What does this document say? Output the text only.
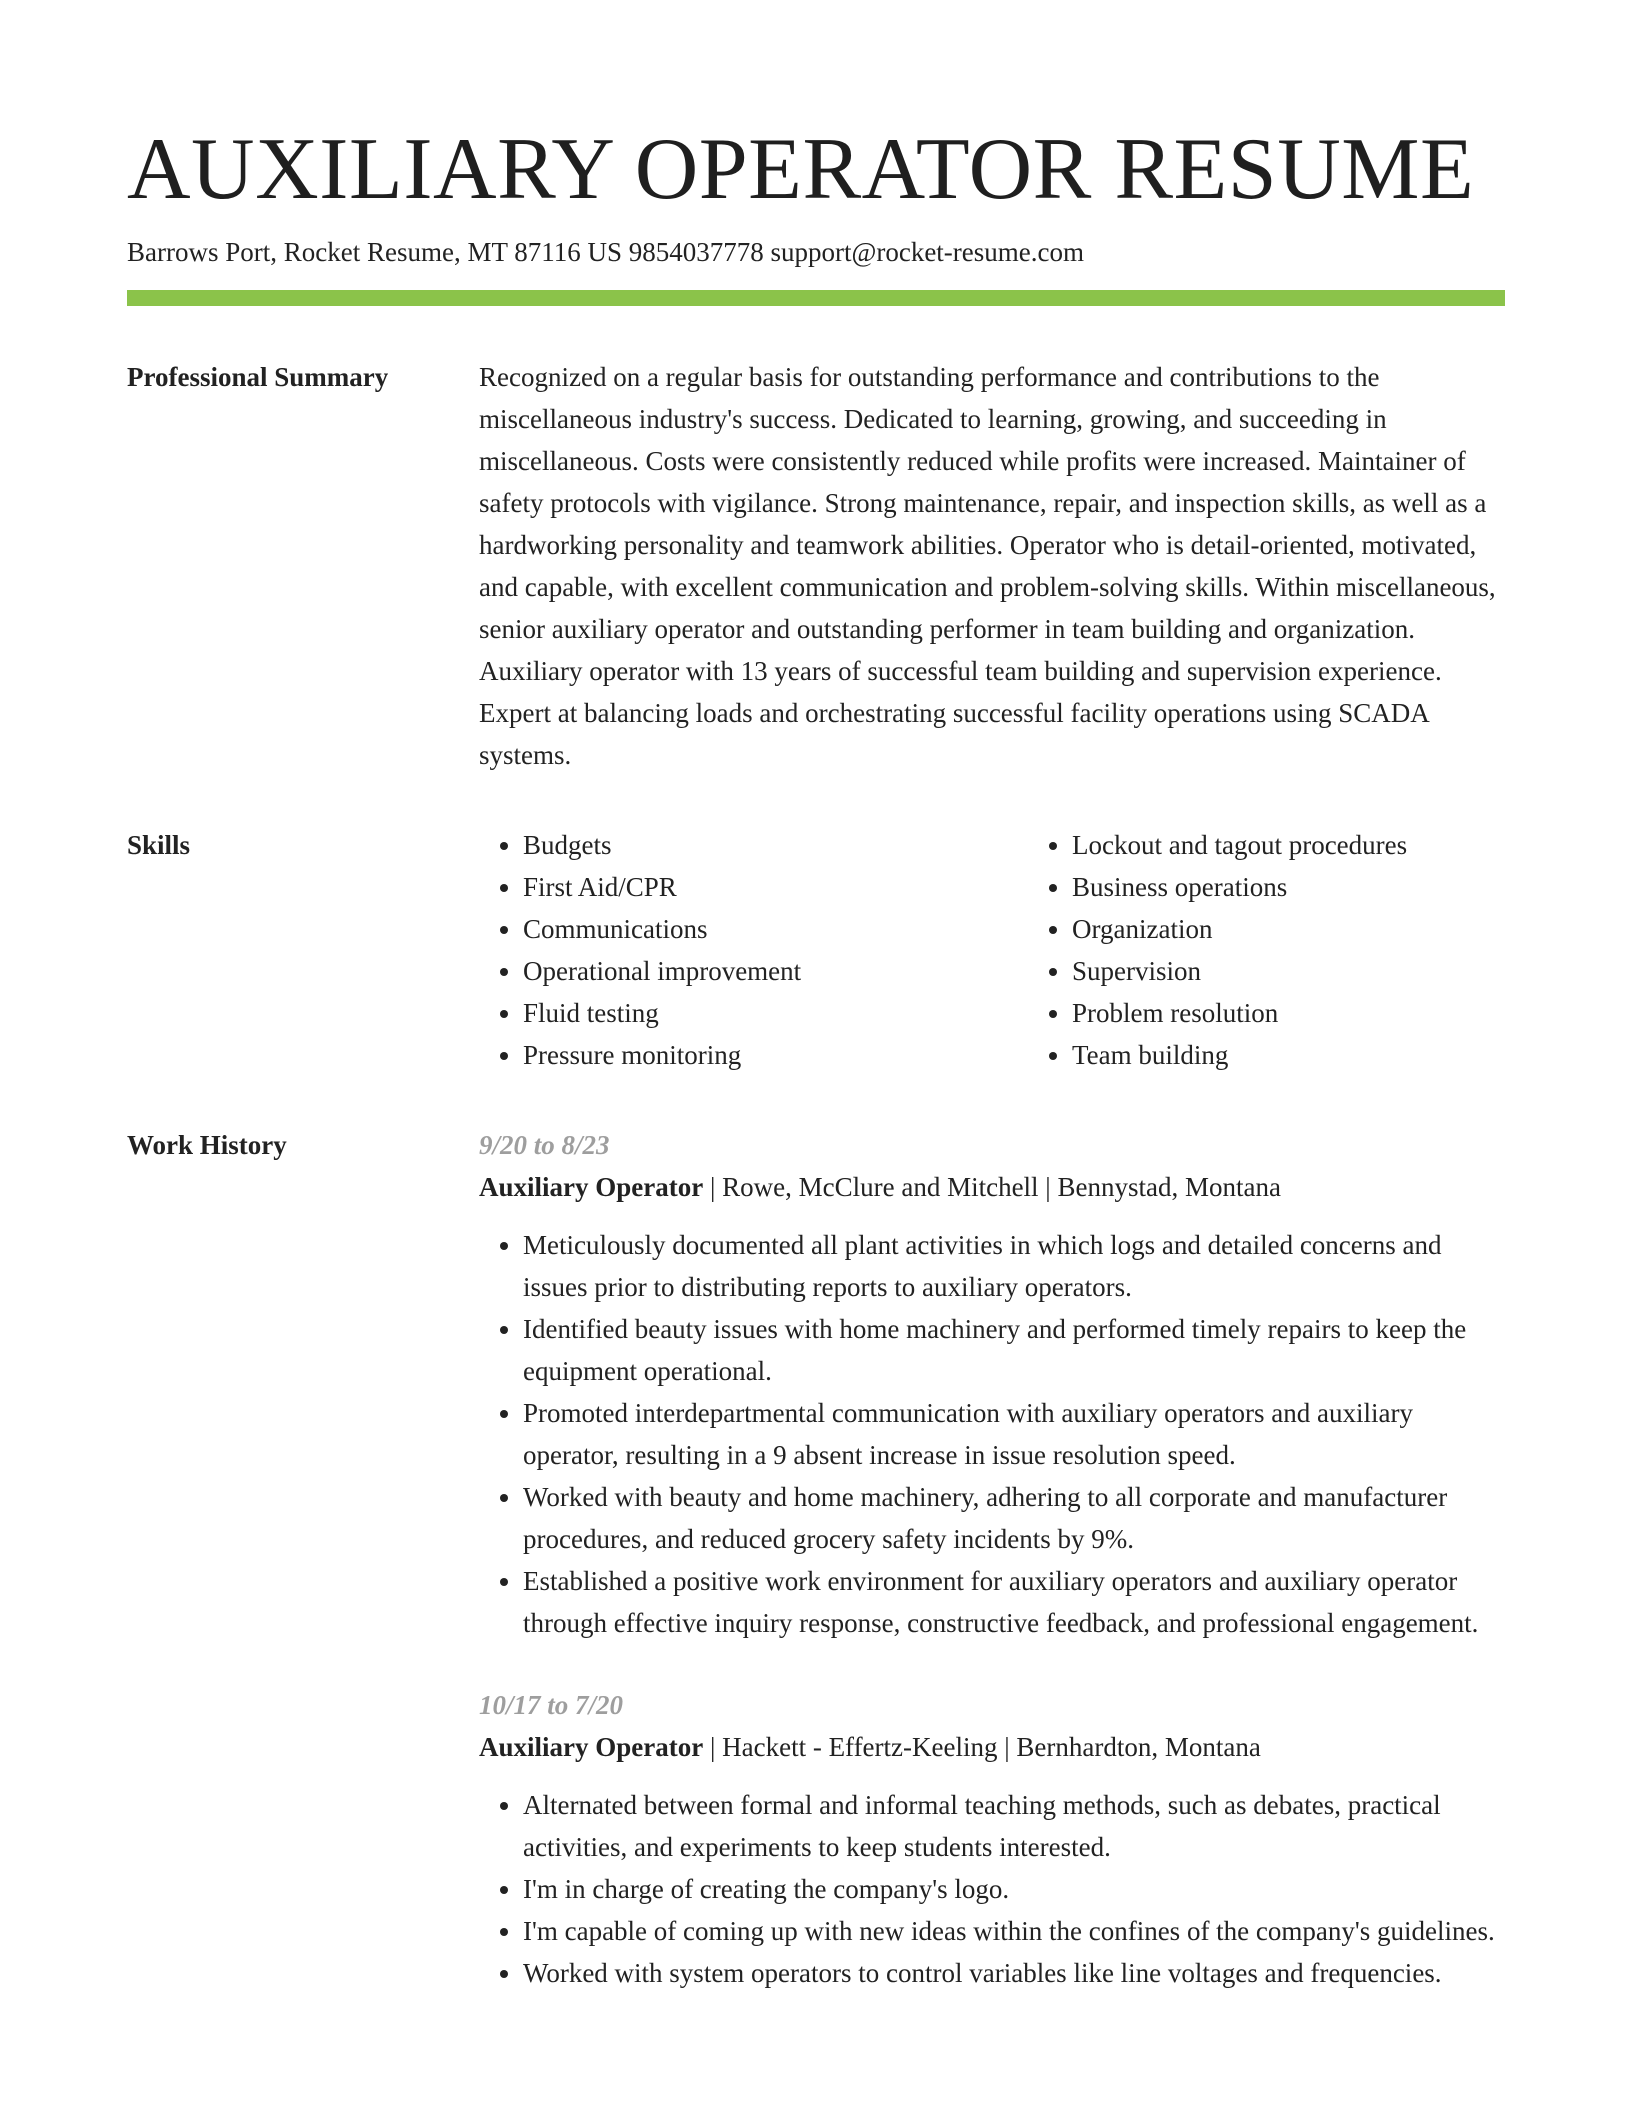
AUXILIARY OPERATOR RESUME
Barrows Port, Rocket Resume, MT 87116 US 9854037778 support@rocket-resume.com
Professional Summary	Recognized on a regular basis for outstanding performance and contributions to the miscellaneous industry's success. Dedicated to learning, growing, and succeeding in miscellaneous. Costs were consistently reduced while profits were increased. Maintainer of safety protocols with vigilance. Strong maintenance, repair, and inspection skills, as well as a hardworking personality and teamwork abilities. Operator who is detail-oriented, motivated, and capable, with excellent communication and problem-solving skills. Within miscellaneous, senior auxiliary operator and outstanding performer in team building and organization. Auxiliary operator with 13 years of successful team building and supervision experience. Expert at balancing loads and orchestrating successful facility operations using SCADA systems.

Skills
•	Budgets
• First Aid/CPR
• Communications
• Operational improvement
• Fluid testing
• Pressure monitoring
• Lockout and tagout procedures
• Business operations
• Organization
• Supervision
• Problem resolution
• Team building
Work History	9/20 to 8/23
Auxiliary Operator | Rowe, McClure and Mitchell | Bennystad, Montana
• Meticulously documented all plant activities in which logs and detailed concerns and issues prior to distributing reports to auxiliary operators.
• Identified beauty issues with home machinery and performed timely repairs to keep the equipment operational.
• Promoted interdepartmental communication with auxiliary operators and auxiliary operator, resulting in a 9 absent increase in issue resolution speed.
• Worked with beauty and home machinery, adhering to all corporate and manufacturer procedures, and reduced grocery safety incidents by 9%.
• Established a positive work environment for auxiliary operators and auxiliary operator through effective inquiry response, constructive feedback, and professional engagement.
10/17 to 7/20
Auxiliary Operator | Hackett - Effertz-Keeling | Bernhardton, Montana
• Alternated between formal and informal teaching methods, such as debates, practical activities, and experiments to keep students interested.
• I'm in charge of creating the company's logo.
• I'm capable of coming up with new ideas within the confines of the company's guidelines.
• Worked with system operators to control variables like line voltages and frequencies.
